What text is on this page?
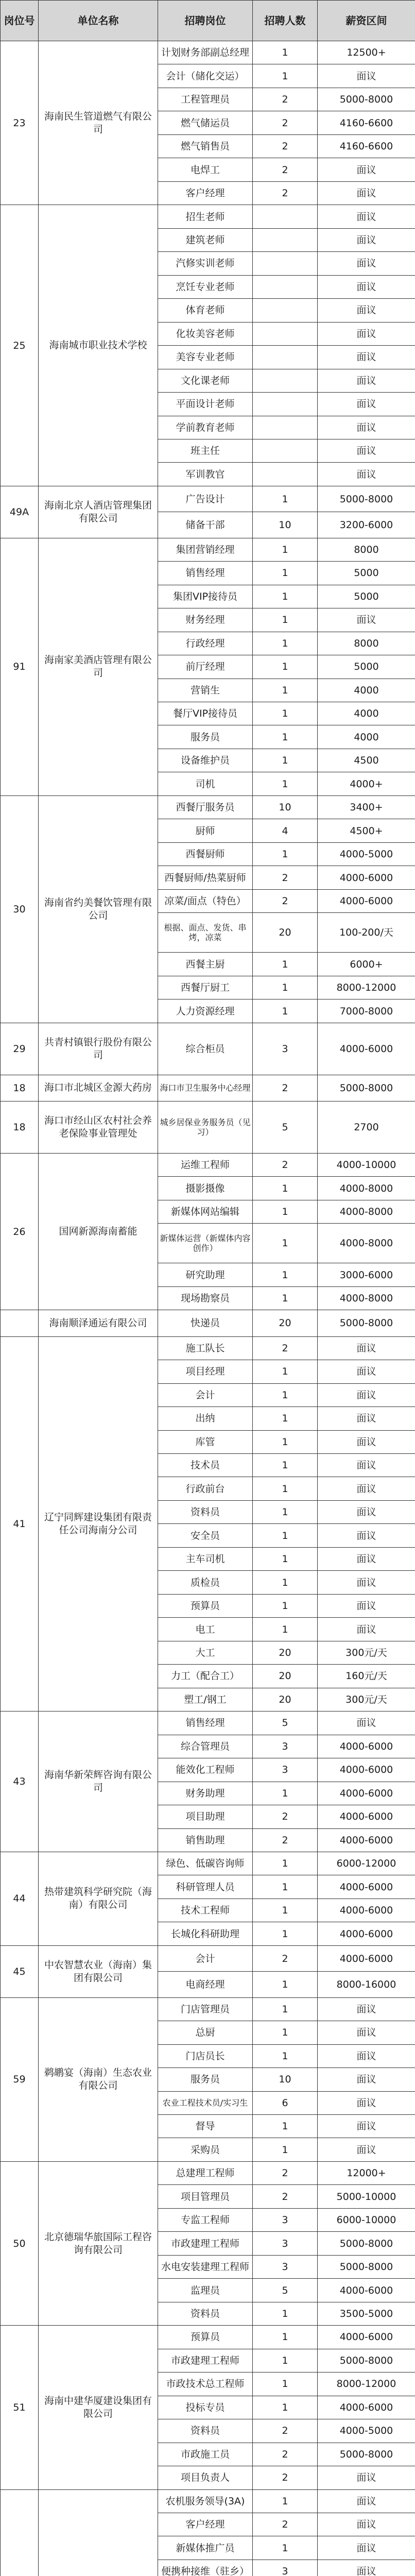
岗位号	单位名称	招聘岗位	招聘人数	薪资区间
23	海南民生管道燃气有限公司	计划财务部副总经理	1	12500+
		会计（储化交运）	1	面议
		工程管理员	2	5000-8000
		燃气储运员	2	4160-6600
		燃气销售员	2	4160-6600
		电焊工	2	面议
		客户经理	2	面议
25	海南城市职业技术学校	招生老师		面议
		建筑老师		面议
		汽修实训老师		面议
		烹饪专业老师		面议
		体育老师		面议
		化妆美容老师		面议
		美容专业老师		面议
		文化课老师		面议
		平面设计老师		面议
		学前教育老师		面议
		班主任		面议
		军训教官		面议
49A	海南北京人酒店管理集团有限公司	广告设计	1	5000-8000
		储备干部	10	3200-6000
91	海南家美酒店管理有限公司	集团营销经理	1	8000
		销售经理	1	5000
		集团VIP接待员	1	5000
		财务经理	1	面议
		行政经理	1	8000
		前厅经理	1	5000
		营销生	1	4000
		餐厅VIP接待员	1	4000
		服务员	1	4000
		设备维护员	1	4500
		司机	1	4000+
30	海南省约美餐饮管理有限公司	西餐厅服务员	10	3400+
		厨师	4	4500+
		西餐厨师	1	4000-5000
		西餐厨师/热菜厨师	2	4000-6000
		凉菜/面点（特色）	2	4000-6000
		根据、面点、发货、串烤，凉菜	20	100-200/天
		西餐主厨	1	6000+
		西餐厅厨工	1	8000-12000
		人力资源经理	1	7000-8000
29	共青村镇银行股份有限公司	综合柜员	3	4000-6000
18	海口市北城区金源大药房	海口市卫生服务中心经理	2	5000-8000
18	海口市经山区农村社会养老保险事业管理处	城乡居保业务服务员（见习）	5	2700
26	国网新源海南蓄能	运维工程师	2	4000-10000
		摄影摄像	1	4000-8000
		新媒体网站编辑	1	4000-8000
		新媒体运营（新媒体内容创作）	1	4000-8000
		研究助理	1	3000-6000
		现场勘察员	1	4000-8000
	海南顺泽通运有限公司	快递员	20	5000-8000
41	辽宁同辉建设集团有限责任公司海南分公司	施工队长	2	面议
		项目经理	1	面议
		会计	1	面议
		出纳	1	面议
		库管	1	面议
		技术员	1	面议
		行政前台	1	面议
		资料员	1	面议
		安全员	1	面议
		主车司机	1	面议
		质检员	1	面议
		预算员	1	面议
		电工	1	面议
		大工	20	300元/天
		力工（配合工）	20	160元/天
		塑工/钢工	20	300元/天
43	海南华新荣辉咨询有限公司	销售经理	5	面议
		综合管理员	3	4000-6000
		能效化工程师	3	4000-6000
		财务助理	1	4000-6000
		项目助理	2	4000-6000
		销售助理	2	4000-6000
44	热带建筑科学研究院（海南）有限公司	绿色、低碳咨询师	1	6000-12000
		科研管理人员	1	4000-6000
		技术工程师	1	4000-6000
		长城化科研助理	1	4000-6000
45	中农智慧农业（海南）集团有限公司	会计	2	4000-6000
		电商经理	1	8000-16000
59	鹈鹕宴（海南）生态农业有限公司	门店管理员	1	面议
		总厨	1	面议
		门店员长	1	面议
		服务员	10	面议
		农业工程技术员/实习生	6	面议
		督导	1	面议
		采购员	1	面议
50	北京德瑞华旅国际工程咨询有限公司	总建理工程师	2	12000+
		项目管理员	2	5000-10000
		专监工程师	3	6000-10000
		市政建理工程师	3	5000-8000
		水电安装建理工程师	3	5000-8000
		监理员	5	4000-6000
		资料员	1	3500-5000
51	海南中建华厦建设集团有限公司	预算员	1	4000-6000
		市政建理工程师	1	5000-8000
		市政技术总工程师	1	8000-12000
		投标专员	1	4000-6000
		资料员	2	4000-5000
		市政施工员	2	5000-8000
		项目负责人	2	面议
		农机服务领导(3A)	1	面议
		客户经理	2	面议
		新媒体推广员	1	面议
		便携种接维（驻乡）	3	面议
